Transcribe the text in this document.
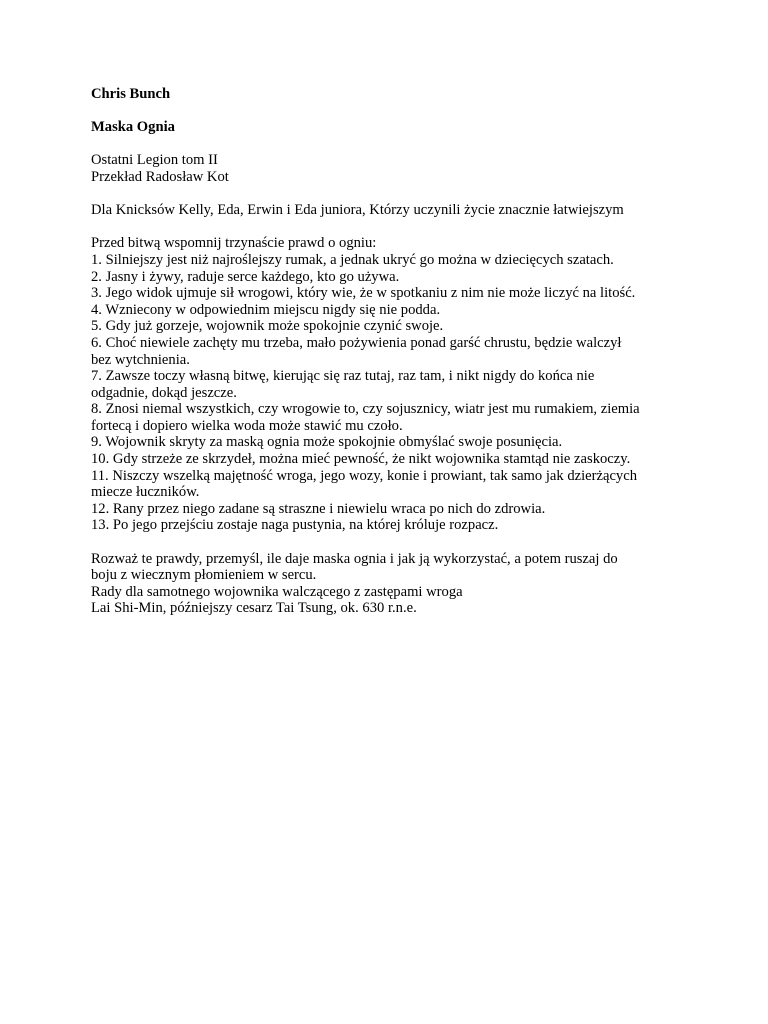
Chris Bunch
Maska Ognia
Ostatni Legion tom II
Przekład Radosław Kot
Dla Knicksów Kelly, Eda, Erwin i Eda juniora, Którzy uczynili życie znacznie łatwiejszym
Przed bitwą wspomnij trzynaście prawd o ogniu:
1. Silniejszy jest niż najroślejszy rumak, a jednak ukryć go można w dziecięcych szatach.
2. Jasny i żywy, raduje serce każdego, kto go używa.
3. Jego widok ujmuje sił wrogowi, który wie, że w spotkaniu z nim nie może liczyć na litość.
4. Wzniecony w odpowiednim miejscu nigdy się nie podda.
5. Gdy już gorzeje, wojownik może spokojnie czynić swoje.
6. Choć niewiele zachęty mu trzeba, mało pożywienia ponad garść chrustu, będzie walczył
bez wytchnienia.
7. Zawsze toczy własną bitwę, kierując się raz tutaj, raz tam, i nikt nigdy do końca nie
odgadnie, dokąd jeszcze.
8. Znosi niemal wszystkich, czy wrogowie to, czy sojusznicy, wiatr jest mu rumakiem, ziemia
fortecą i dopiero wielka woda może stawić mu czoło.
9. Wojownik skryty za maską ognia może spokojnie obmyślać swoje posunięcia.
10. Gdy strzeże ze skrzydeł, można mieć pewność, że nikt wojownika stamtąd nie zaskoczy.
11. Niszczy wszelką majętność wroga, jego wozy, konie i prowiant, tak samo jak dzierżących
miecze łuczników.
12. Rany przez niego zadane są straszne i niewielu wraca po nich do zdrowia.
13. Po jego przejściu zostaje naga pustynia, na której króluje rozpacz.
Rozważ te prawdy, przemyśl, ile daje maska ognia i jak ją wykorzystać, a potem ruszaj do
boju z wiecznym płomieniem w sercu.
Rady dla samotnego wojownika walczącego z zastępami wroga
Lai Shi-Min, późniejszy cesarz Tai Tsung, ok. 630 r.n.e.
